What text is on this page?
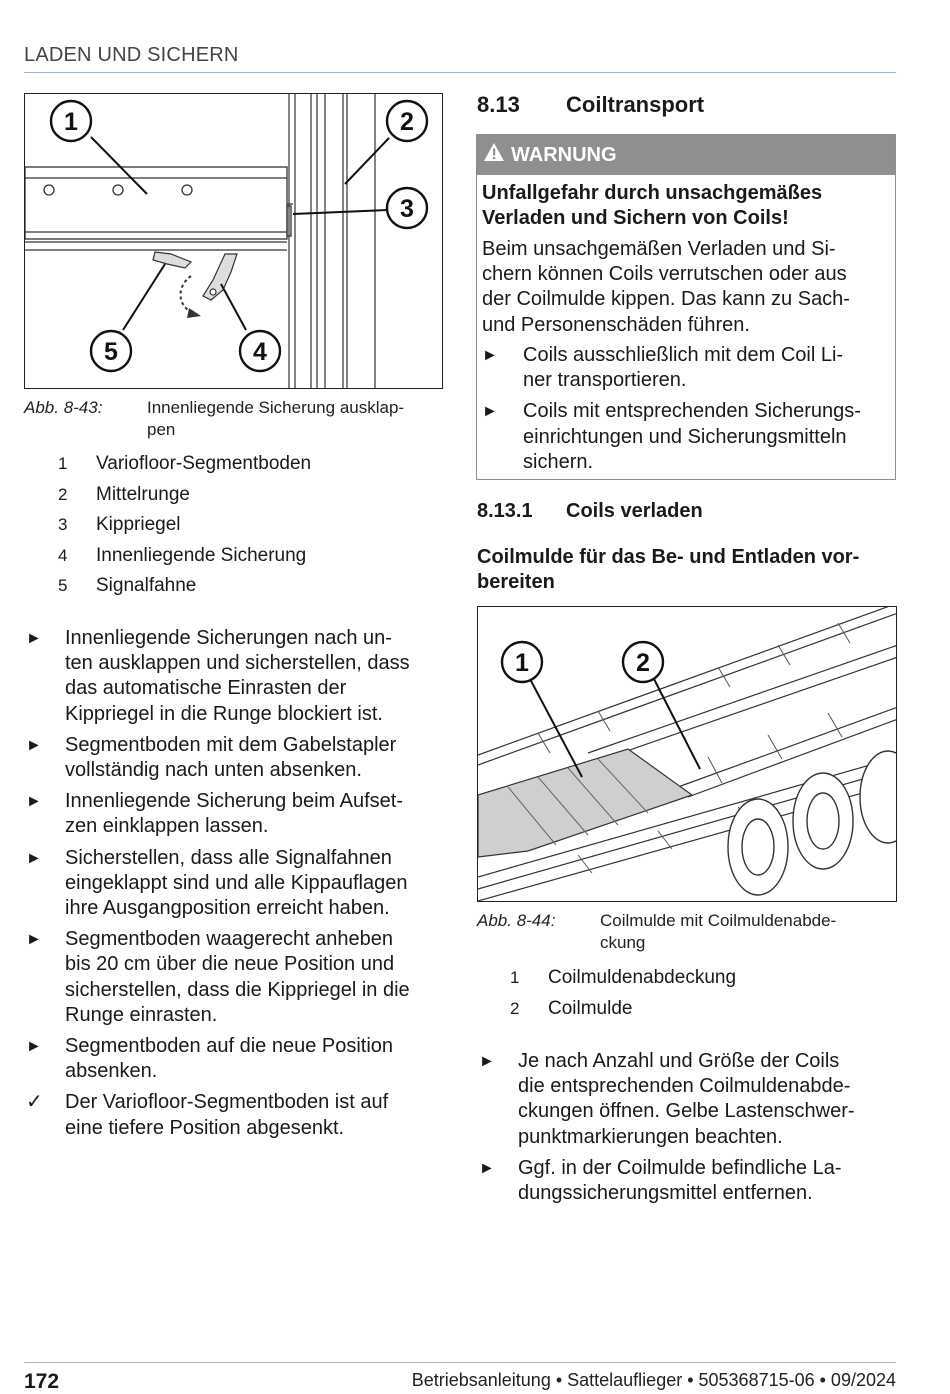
LADEN UND SICHERN
1	2
3
4
5
Abb. 8-43:	Innenliegende Sicherung ausklap-
pen
1	Variofloor-Segmentboden
2	Mittelrunge
3	Kippriegel
4	Innenliegende Sicherung
5	Signalfahne
► Innenliegende Sicherungen nach un-
ten ausklappen und sicherstellen, dass
das automatische Einrasten der
Kippriegel in die Runge blockiert ist.
► Segmentboden mit dem Gabelstapler
vollständig nach unten absenken.
► Innenliegende Sicherung beim Aufset-
zen einklappen lassen.
► Sicherstellen, dass alle Signalfahnen
eingeklappt sind und alle Kippauflagen
ihre Ausgangposition erreicht haben.
► Segmentboden waagerecht anheben
bis 20 cm über die neue Position und
sicherstellen, dass die Kippriegel in die
Runge einrasten.
► Segmentboden auf die neue Position
absenken.
✓ Der Variofloor-Segmentboden ist auf
eine tiefere Position abgesenkt.
8.13 Coiltransport
WARNUNG
Unfallgefahr durch unsachgemäßes
Verladen und Sichern von Coils!
Beim unsachgemäßen Verladen und Si-
chern können Coils verrutschen oder aus
der Coilmulde kippen. Das kann zu Sach-
und Personenschäden führen.
► Coils ausschließlich mit dem Coil Li-
ner transportieren.
► Coils mit entsprechenden Sicherungs-
einrichtungen und Sicherungsmitteln
sichern.
8.13.1 Coils verladen
Coilmulde für das Be- und Entladen vor-
bereiten
1	2
Abb. 8-44:	Coilmulde mit Coilmuldenabde-
ckung
1	Coilmuldenabdeckung
2	Coilmulde
► Je nach Anzahl und Größe der Coils
die entsprechenden Coilmuldenabde-
ckungen öffnen. Gelbe Lastenschwer-
punktmarkierungen beachten.
► Ggf. in der Coilmulde befindliche La-
dungssicherungsmittel entfernen.
172	Betriebsanleitung • Sattelauflieger • 505368715-06 • 09/2024
